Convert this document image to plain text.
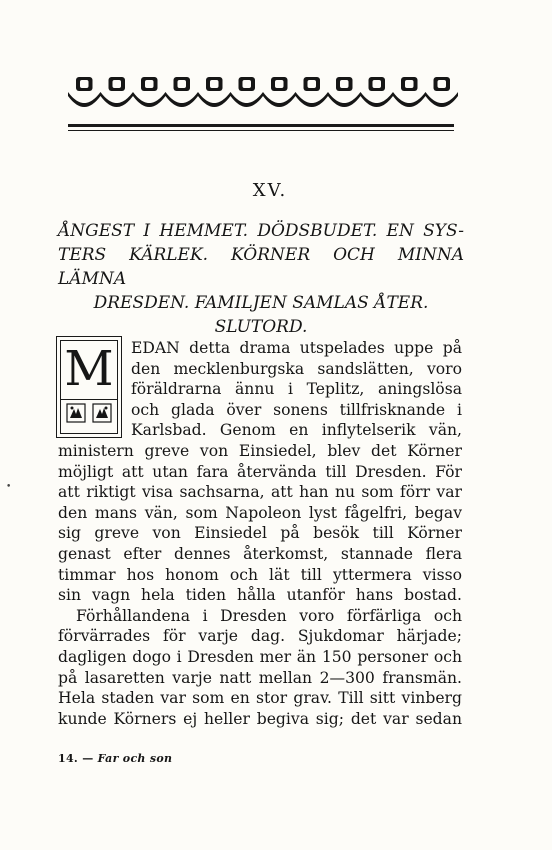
XV.
ÅNGEST I HEMMET. DÖDSBUDET. EN SYS-
TERS KÄRLEK. KÖRNER OCH MINNA LÄMNA
DRESDEN. FAMILJEN SAMLAS ÅTER.
SLUTORD.
M	EDAN detta drama utspelades uppe på
den mecklenburgska sandslätten, voro
föräldrarna ännu i Teplitz, aningslösa
och glada över sonens tillfrisknande i
Karlsbad. Genom en inflytelserik vän,
ministern greve von Einsiedel, blev det Körner
möjligt att utan fara återvända till Dresden. För
att riktigt visa sachsarna, att han nu som förr var
den mans vän, som Napoleon lyst fågelfri, begav
sig greve von Einsiedel på besök till Körner
genast efter dennes återkomst, stannade flera
timmar hos honom och lät till yttermera visso
sin vagn hela tiden hålla utanför hans bostad.
Förhållandena i Dresden voro förfärliga och
förvärrades för varje dag. Sjukdomar härjade;
dagligen dogo i Dresden mer än 150 personer och
på lasaretten varje natt mellan 2—300 fransmän.
Hela staden var som en stor grav. Till sitt vinberg
kunde Körners ej heller begiva sig; det var sedan
14. — Far och son
•
